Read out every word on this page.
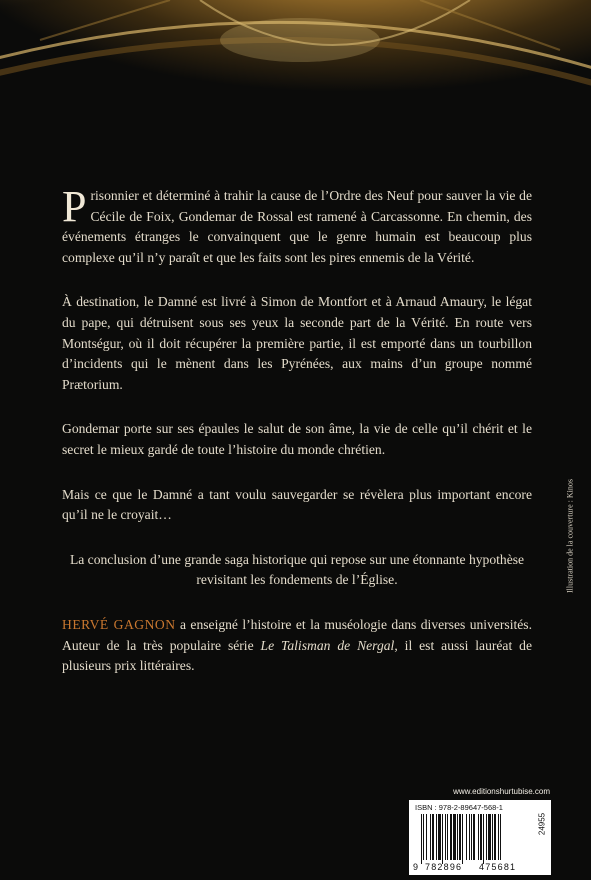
Prisonnier et déterminé à trahir la cause de l’Ordre des Neuf pour sauver la vie de Cécile de Foix, Gondemar de Rossal est ramené à Carcassonne. En chemin, des événements étranges le convainquent que le genre humain est beaucoup plus complexe qu’il n’y paraît et que les faits sont les pires ennemis de la Vérité.

À destination, le Damné est livré à Simon de Montfort et à Arnaud Amaury, le légat du pape, qui détruisent sous ses yeux la seconde part de la Vérité. En route vers Montségur, où il doit récupérer la première partie, il est emporté dans un tourbillon d’incidents qui le mènent dans les Pyrénées, aux mains d’un groupe nommé Prætorium.

Gondemar porte sur ses épaules le salut de son âme, la vie de celle qu’il chérit et le secret le mieux gardé de toute l’histoire du monde chrétien.

Mais ce que le Damné a tant voulu sauvegarder se révèlera plus important encore qu’il ne le croyait…

La conclusion d’une grande saga historique qui repose sur une étonnante hypothèse revisitant les fondements de l’Église.

HERVÉ GAGNON a enseigné l’histoire et la muséologie dans diverses universités. Auteur de la très populaire série Le Talisman de Nergal, il est aussi lauréat de plusieurs prix littéraires.

Illustration de la couverture : Kinos
www.editionshurtubise.com
ISBN : 978-2-89647-568-1
24955
9 782896 475681
